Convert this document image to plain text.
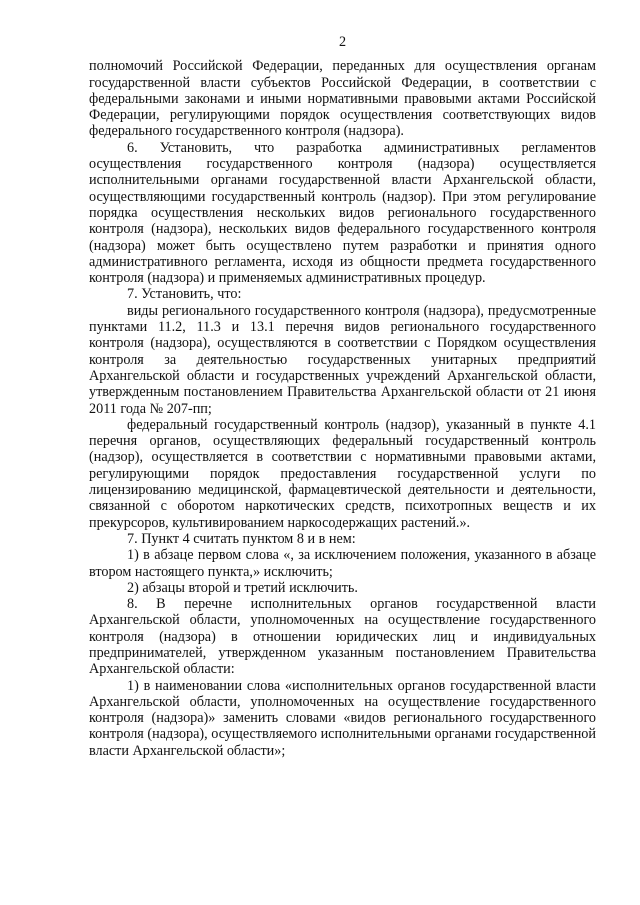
2

полномочий Российской Федерации, переданных для осуществления органам государственной власти субъектов Российской Федерации, в соответствии с федеральными законами и иными нормативными правовыми актами Российской Федерации, регулирующими порядок осуществления соответствующих видов федерального государственного контроля (надзора).

6. Установить, что разработка административных регламентов осуществления государственного контроля (надзора) осуществляется исполнительными органами государственной власти Архангельской области, осуществляющими государственный контроль (надзор). При этом регулирование порядка осуществления нескольких видов регионального государственного контроля (надзора), нескольких видов федерального государственного контроля (надзора) может быть осуществлено путем разработки и принятия одного административного регламента, исходя из общности предмета государственного контроля (надзора) и применяемых административных процедур.

7. Установить, что:

виды регионального государственного контроля (надзора), предусмотренные пунктами 11.2, 11.3 и 13.1 перечня видов регионального государственного контроля (надзора), осуществляются в соответствии с Порядком осуществления контроля за деятельностью государственных унитарных предприятий Архангельской области и государственных учреждений Архангельской области, утвержденным постановлением Правительства Архангельской области от 21 июня 2011 года № 207-пп;

федеральный государственный контроль (надзор), указанный в пункте 4.1 перечня органов, осуществляющих федеральный государственный контроль (надзор), осуществляется в соответствии с нормативными правовыми актами, регулирующими порядок предоставления государственной услуги по лицензированию медицинской, фармацевтической деятельности и деятельности, связанной с оборотом наркотических средств, психотропных веществ и их прекурсоров, культивированием наркосодержащих растений.».

7. Пункт 4 считать пунктом 8 и в нем:

1) в абзаце первом слова «, за исключением положения, указанного в абзаце втором настоящего пункта,» исключить;

2) абзацы второй и третий исключить.

8. В перечне исполнительных органов государственной власти Архангельской области, уполномоченных на осуществление государственного контроля (надзора) в отношении юридических лиц и индивидуальных предпринимателей, утвержденном указанным постановлением Правительства Архангельской области:

1) в наименовании слова «исполнительных органов государственной власти Архангельской области, уполномоченных на осуществление государственного контроля (надзора)» заменить словами «видов регионального государственного контроля (надзора), осуществляемого исполнительными органами государственной власти Архангельской области»;
